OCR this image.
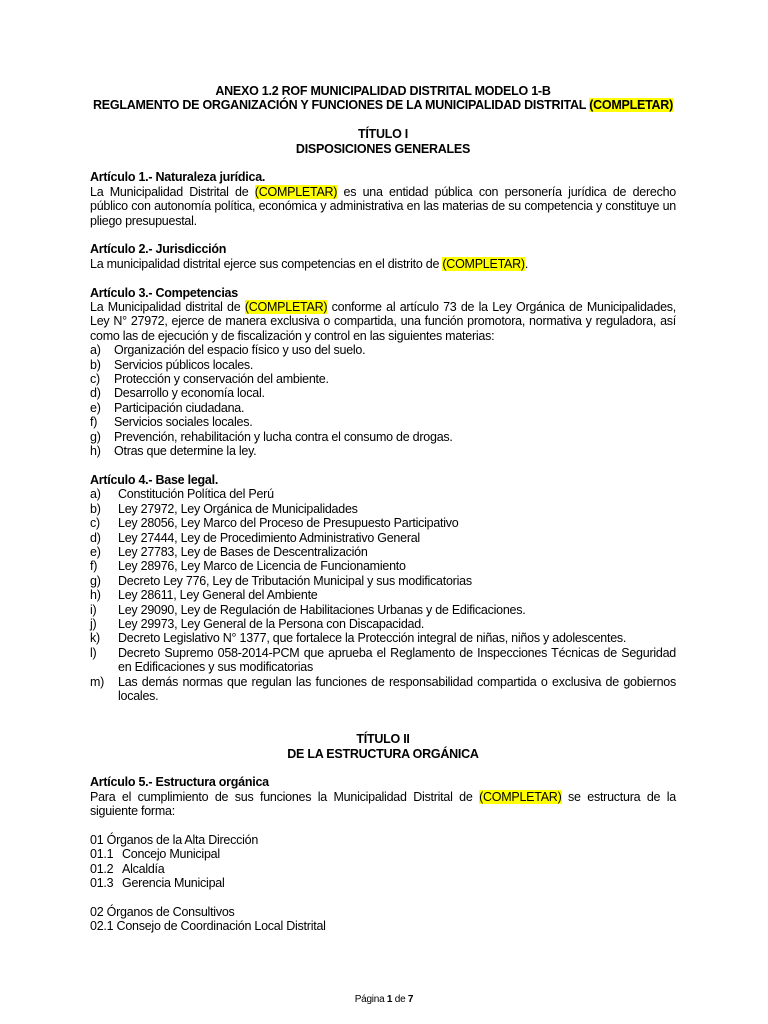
ANEXO 1.2 ROF MUNICIPALIDAD DISTRITAL MODELO 1-B
REGLAMENTO DE ORGANIZACIÓN Y FUNCIONES DE LA MUNICIPALIDAD DISTRITAL (COMPLETAR)
TÍTULO I
DISPOSICIONES GENERALES
Artículo 1.- Naturaleza jurídica.
La Municipalidad Distrital de (COMPLETAR) es una entidad pública con personería jurídica de derecho público con autonomía política, económica y administrativa en las materias de su competencia y constituye un pliego presupuestal.
Artículo 2.- Jurisdicción
La municipalidad distrital ejerce sus competencias en el distrito de (COMPLETAR).
Artículo 3.- Competencias
La Municipalidad distrital de (COMPLETAR) conforme al artículo 73 de la Ley Orgánica de Municipalidades, Ley N° 27972, ejerce de manera exclusiva o compartida, una función promotora, normativa y reguladora, así como las de ejecución y de fiscalización y control en las siguientes materias:
a)	Organización del espacio físico y uso del suelo.
b)	Servicios públicos locales.
c)	Protección y conservación del ambiente.
d)	Desarrollo y economía local.
e)	Participación ciudadana.
f)	Servicios sociales locales.
g)	Prevención, rehabilitación y lucha contra el consumo de drogas.
h)	Otras que determine la ley.
Artículo 4.- Base legal.
a)	Constitución Política del Perú
b)	Ley 27972, Ley Orgánica de Municipalidades
c)	Ley 28056, Ley Marco del Proceso de Presupuesto Participativo
d)	Ley 27444, Ley de Procedimiento Administrativo General
e)	Ley 27783, Ley de Bases de Descentralización
f)	Ley 28976, Ley Marco de Licencia de Funcionamiento
g)	Decreto Ley 776, Ley de Tributación Municipal y sus modificatorias
h)	Ley 28611, Ley General del Ambiente
i)	Ley 29090, Ley de Regulación de Habilitaciones Urbanas y de Edificaciones.
j)	Ley 29973, Ley General de la Persona con Discapacidad.
k)	Decreto Legislativo N° 1377, que fortalece la Protección integral de niñas, niños y adolescentes.
l)	Decreto Supremo 058-2014-PCM que aprueba el Reglamento de Inspecciones Técnicas de Seguridad en Edificaciones y sus modificatorias
m)	Las demás normas que regulan las funciones de responsabilidad compartida o exclusiva de gobiernos locales.
TÍTULO II
DE LA ESTRUCTURA ORGÁNICA
Artículo 5.- Estructura orgánica
Para el cumplimiento de sus funciones la Municipalidad Distrital de (COMPLETAR) se estructura de la siguiente forma:
01 Órganos de la Alta Dirección
01.1 Concejo Municipal
01.2 Alcaldía
01.3 Gerencia Municipal
02 Órganos de Consultivos
02.1 Consejo de Coordinación Local Distrital
Página 1 de 7
